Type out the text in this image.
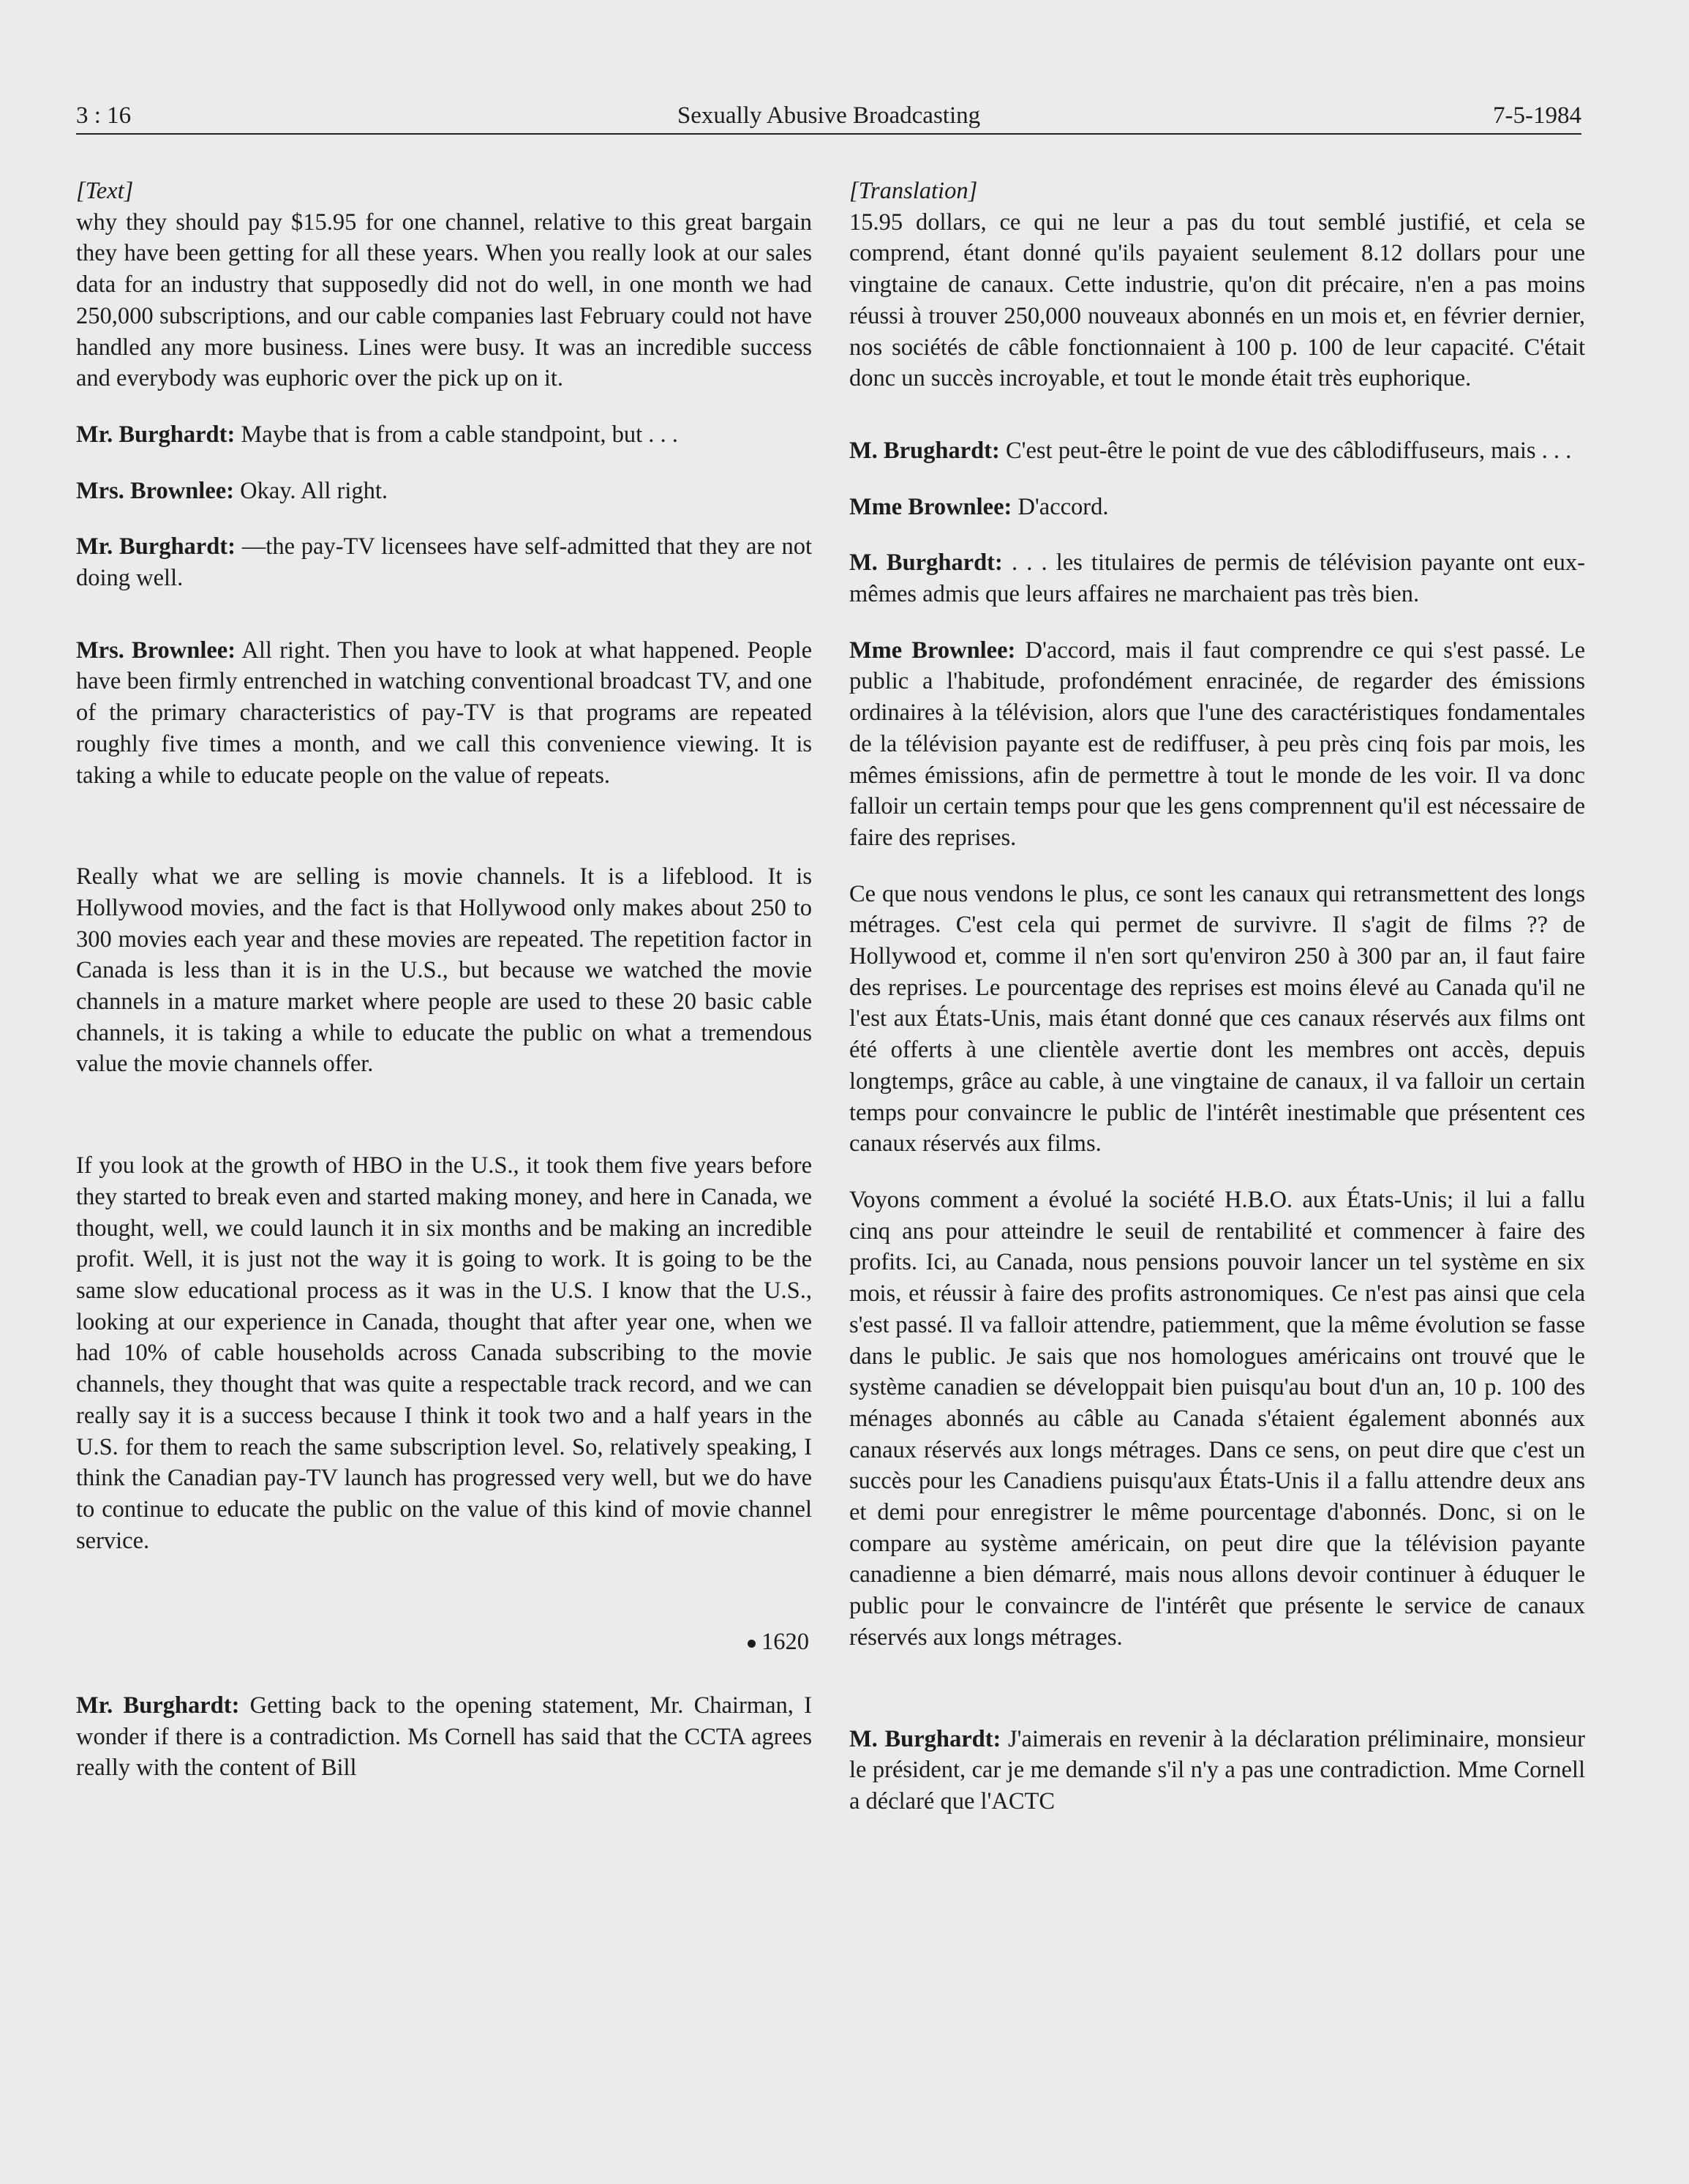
3 : 16	Sexually Abusive Broadcasting	7-5-1984

[Text]

why they should pay $15.95 for one channel, relative to this great bargain they have been getting for all these years. When you really look at our sales data for an industry that supposedly did not do well, in one month we had 250,000 subscriptions, and our cable companies last February could not have handled any more business. Lines were busy. It was an incredible success and everybody was euphoric over the pick up on it.

Mr. Burghardt: Maybe that is from a cable standpoint, but . . .

Mrs. Brownlee: Okay. All right.

Mr. Burghardt: —the pay-TV licensees have self-admitted that they are not doing well.

Mrs. Brownlee: All right. Then you have to look at what happened. People have been firmly entrenched in watching conventional broadcast TV, and one of the primary characteristics of pay-TV is that programs are repeated roughly five times a month, and we call this convenience viewing. It is taking a while to educate people on the value of repeats.

Really what we are selling is movie channels. It is a lifeblood. It is Hollywood movies, and the fact is that Hollywood only makes about 250 to 300 movies each year and these movies are repeated. The repetition factor in Canada is less than it is in the U.S., but because we watched the movie channels in a mature market where people are used to these 20 basic cable channels, it is taking a while to educate the public on what a tremendous value the movie channels offer.

If you look at the growth of HBO in the U.S., it took them five years before they started to break even and started making money, and here in Canada, we thought, well, we could launch it in six months and be making an incredible profit. Well, it is just not the way it is going to work. It is going to be the same slow educational process as it was in the U.S. I know that the U.S., looking at our experience in Canada, thought that after year one, when we had 10% of cable households across Canada subscribing to the movie channels, they thought that was quite a respectable track record, and we can really say it is a success because I think it took two and a half years in the U.S. for them to reach the same subscription level. So, relatively speaking, I think the Canadian pay-TV launch has progressed very well, but we do have to continue to educate the public on the value of this kind of movie channel service.

1620

Mr. Burghardt: Getting back to the opening statement, Mr. Chairman, I wonder if there is a contradiction. Ms Cornell has said that the CCTA agrees really with the content of Bill

[Translation]

15.95 dollars, ce qui ne leur a pas du tout semblé justifié, et cela se comprend, étant donné qu'ils payaient seulement 8.12 dollars pour une vingtaine de canaux. Cette industrie, qu'on dit précaire, n'en a pas moins réussi à trouver 250,000 nouveaux abonnés en un mois et, en février dernier, nos sociétés de câble fonctionnaient à 100 p. 100 de leur capacité. C'était donc un succès incroyable, et tout le monde était très euphorique.

M. Brughardt: C'est peut-être le point de vue des câblodiffuseurs, mais . . .

Mme Brownlee: D'accord.

M. Burghardt: . . . les titulaires de permis de télévision payante ont eux-mêmes admis que leurs affaires ne marchaient pas très bien.

Mme Brownlee: D'accord, mais il faut comprendre ce qui s'est passé. Le public a l'habitude, profondément enracinée, de regarder des émissions ordinaires à la télévision, alors que l'une des caractéristiques fondamentales de la télévision payante est de rediffuser, à peu près cinq fois par mois, les mêmes émissions, afin de permettre à tout le monde de les voir. Il va donc falloir un certain temps pour que les gens comprennent qu'il est nécessaire de faire des reprises.

Ce que nous vendons le plus, ce sont les canaux qui retransmettent des longs métrages. C'est cela qui permet de survivre. Il s'agit de films ?? de Hollywood et, comme il n'en sort qu'environ 250 à 300 par an, il faut faire des reprises. Le pourcentage des reprises est moins élevé au Canada qu'il ne l'est aux États-Unis, mais étant donné que ces canaux réservés aux films ont été offerts à une clientèle avertie dont les membres ont accès, depuis longtemps, grâce au cable, à une vingtaine de canaux, il va falloir un certain temps pour convaincre le public de l'intérêt inestimable que présentent ces canaux réservés aux films.

Voyons comment a évolué la société H.B.O. aux États-Unis; il lui a fallu cinq ans pour atteindre le seuil de rentabilité et commencer à faire des profits. Ici, au Canada, nous pensions pouvoir lancer un tel système en six mois, et réussir à faire des profits astronomiques. Ce n'est pas ainsi que cela s'est passé. Il va falloir attendre, patiemment, que la même évolution se fasse dans le public. Je sais que nos homologues américains ont trouvé que le système canadien se développait bien puisqu'au bout d'un an, 10 p. 100 des ménages abonnés au câble au Canada s'étaient également abonnés aux canaux réservés aux longs métrages. Dans ce sens, on peut dire que c'est un succès pour les Canadiens puisqu'aux États-Unis il a fallu attendre deux ans et demi pour enregistrer le même pourcentage d'abonnés. Donc, si on le compare au système américain, on peut dire que la télévision payante canadienne a bien démarré, mais nous allons devoir continuer à éduquer le public pour le convaincre de l'intérêt que présente le service de canaux réservés aux longs métrages.

M. Burghardt: J'aimerais en revenir à la déclaration préliminaire, monsieur le président, car je me demande s'il n'y a pas une contradiction. Mme Cornell a déclaré que l'ACTC
